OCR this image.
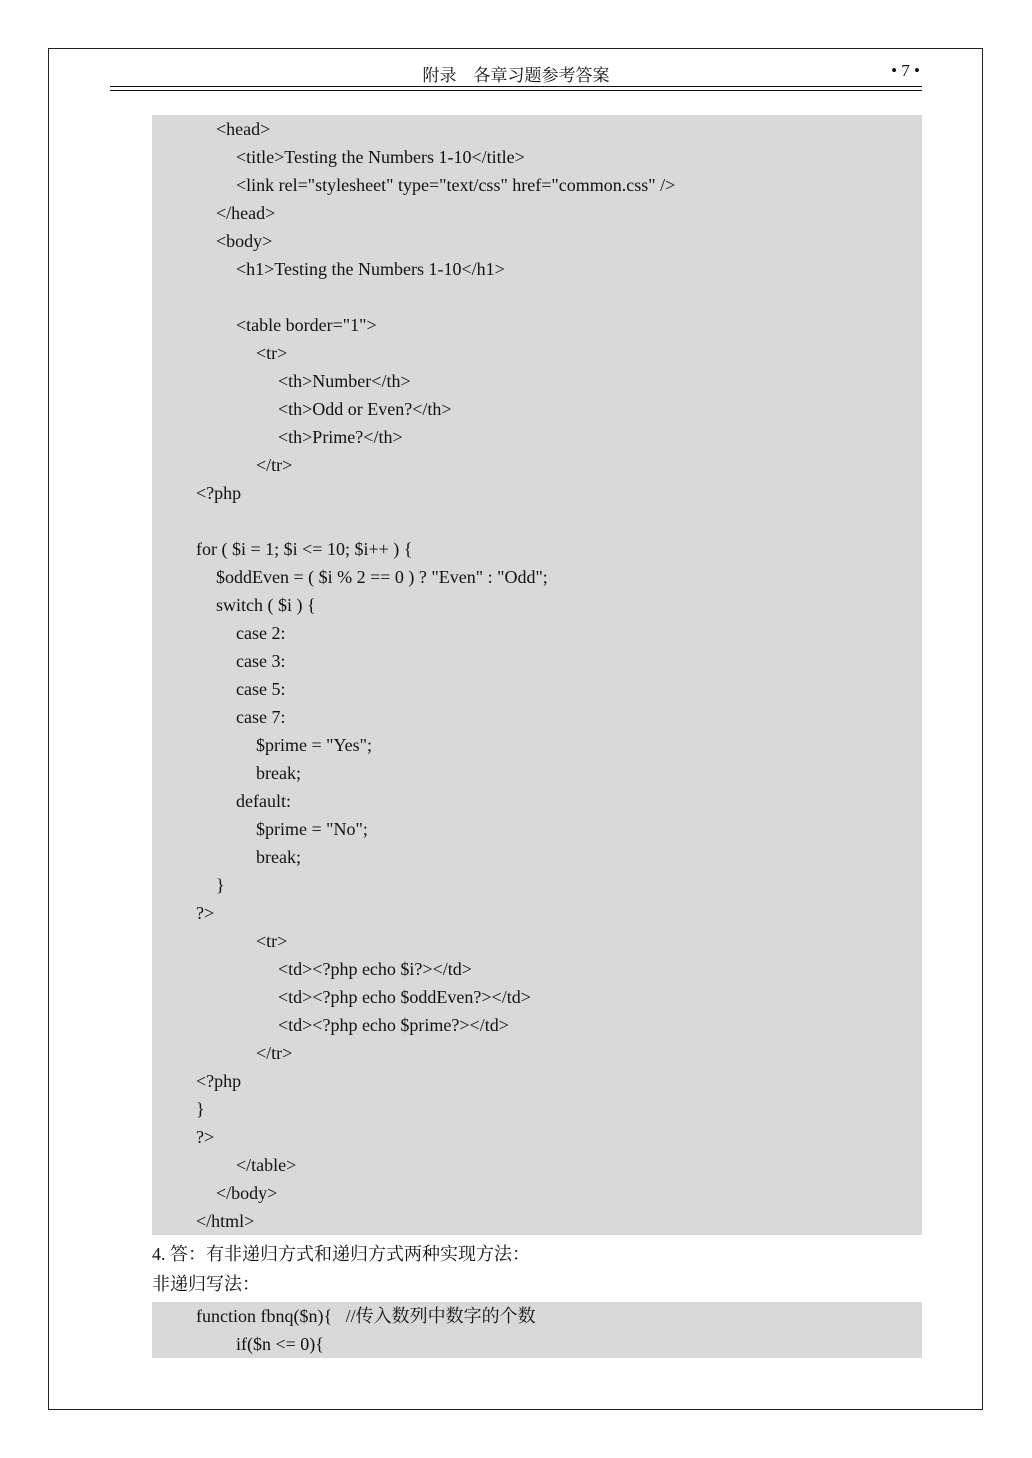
附录　各章习题参考答案	• 7 •
<head>
<title>Testing the Numbers 1-10</title>
<link rel="stylesheet" type="text/css" href="common.css" />
</head>
<body>
<h1>Testing the Numbers 1-10</h1>
<table border="1">
<tr>
<th>Number</th>
<th>Odd or Even?</th>
<th>Prime?</th>
</tr>
<?php
for ( $i = 1; $i <= 10; $i++ ) {
$oddEven = ( $i % 2 == 0 ) ? "Even" : "Odd";
switch ( $i ) {
case 2:
case 3:
case 5:
case 7:
$prime = "Yes";
break;
default:
$prime = "No";
break;
}
?>
<tr>
<td><?php echo $i?></td>
<td><?php echo $oddEven?></td>
<td><?php echo $prime?></td>
</tr>
<?php
}
?>
</table>
</body>
</html>
4. 答：有非递归方式和递归方式两种实现方法：
非递归写法：
function fbnq($n){   //传入数列中数字的个数
if($n <= 0){
